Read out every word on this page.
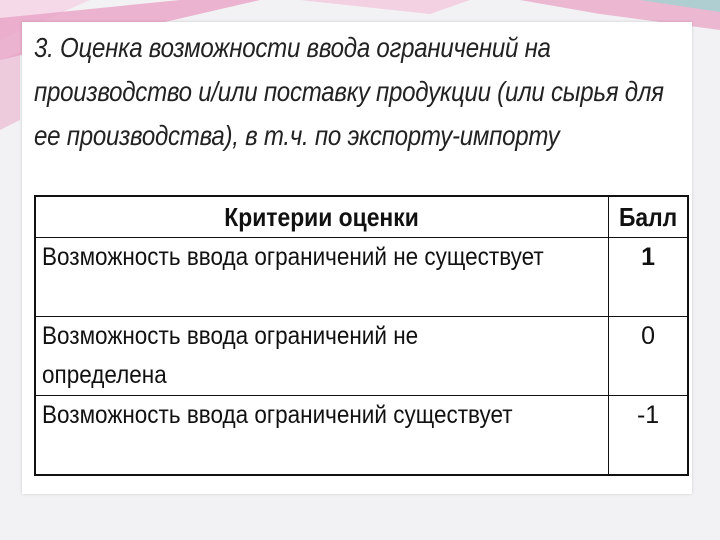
3. Оценка возможности ввода ограничений на производство и/или поставку продукции (или сырья для ее производства), в т.ч. по экспорту-импорту

Критерии оценки	Балл
Возможность ввода ограничений не существует	1
Возможность ввода ограничений не определена	0
Возможность ввода ограничений существует	-1
